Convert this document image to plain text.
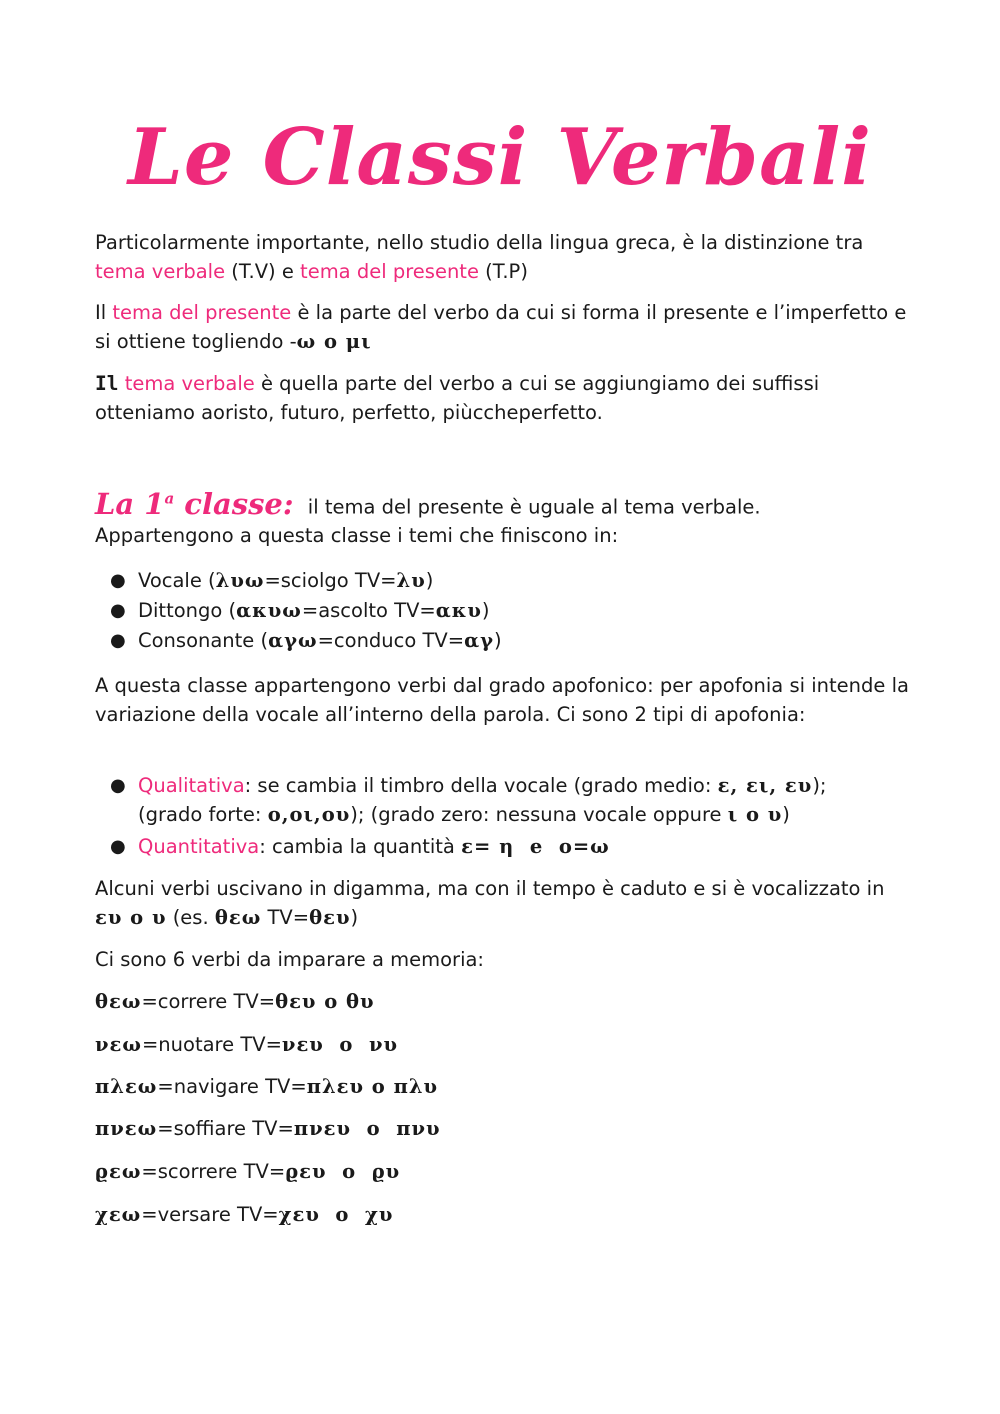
Le Classi Verbali
Particolarmente importante, nello studio della lingua greca, è la distinzione tra tema verbale (T.V) e tema del presente (T.P)
Il tema del presente è la parte del verbo da cui si forma il presente e l’imperfetto e si ottiene togliendo -ω o μι
Il tema verbale è quella parte del verbo a cui se aggiungiamo dei suffissi otteniamo aoristo, futuro, perfetto, piùccheperfetto.
La 1$^a$ classe: il tema del presente è uguale al tema verbale.
Appartengono a questa classe i temi che finiscono in:
● Vocale (λυω=sciolgo TV=λυ)
● Dittongo (ακυω=ascolto TV=ακυ)
● Consonante (αγω=conduco TV=αγ)
A questa classe appartengono verbi dal grado apofonico: per apofonia si intende la variazione della vocale all’interno della parola. Ci sono 2 tipi di apofonia:
● Qualitativa: se cambia il timbro della vocale (grado medio: ε, ει, ευ);
(grado forte: ο,οι,ου); (grado zero: nessuna vocale oppure ι ο υ)
● Quantitativa: cambia la quantità ε= η  e  ο=ω
Alcuni verbi uscivano in digamma, ma con il tempo è caduto e si è vocalizzato in ευ ο υ (es. θεω TV=θευ)
Ci sono 6 verbi da imparare a memoria:
θεω=correre TV=θευ ο θυ
νεω=nuotare TV=νευ  ο  νυ
πλεω=navigare TV=πλευ ο πλυ
πνεω=soffiare TV=πνευ  ο  πνυ
ϱεω=scorrere TV=ϱευ  ο  ϱυ
χεω=versare TV=χευ  ο  χυ
